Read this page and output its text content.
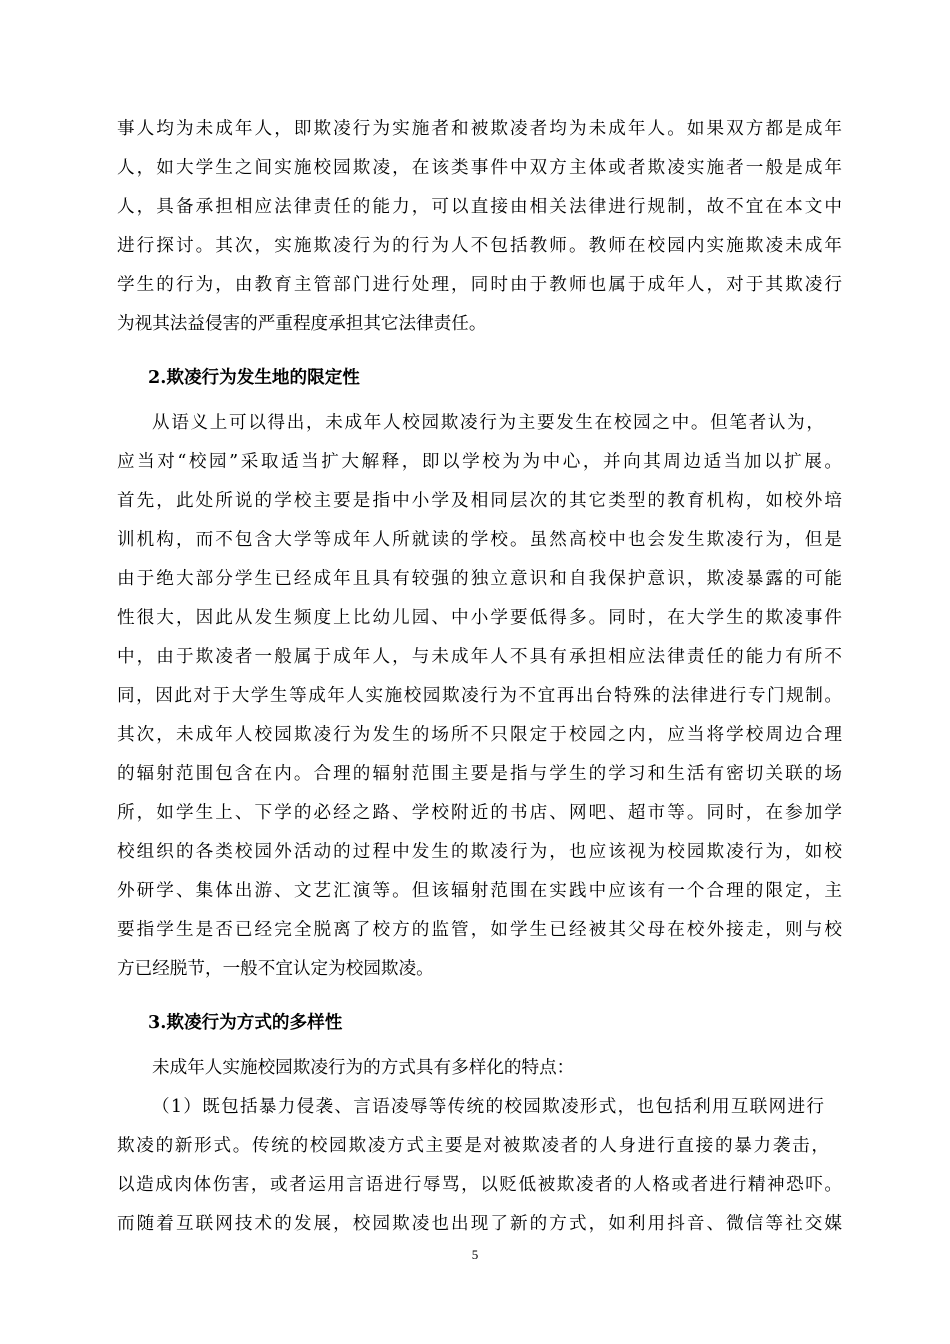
事人均为未成年人，即欺凌行为实施者和被欺凌者均为未成年人。如果双方都是成年
人，如大学生之间实施校园欺凌，在该类事件中双方主体或者欺凌实施者一般是成年
人，具备承担相应法律责任的能力，可以直接由相关法律进行规制，故不宜在本文中
进行探讨。其次，实施欺凌行为的行为人不包括教师。教师在校园内实施欺凌未成年
学生的行为，由教育主管部门进行处理，同时由于教师也属于成年人，对于其欺凌行
为视其法益侵害的严重程度承担其它法律责任。
2.欺凌行为发生地的限定性
从语义上可以得出，未成年人校园欺凌行为主要发生在校园之中。但笔者认为，
应当对“校园”采取适当扩大解释，即以学校为为中心，并向其周边适当加以扩展。
首先，此处所说的学校主要是指中小学及相同层次的其它类型的教育机构，如校外培
训机构，而不包含大学等成年人所就读的学校。虽然高校中也会发生欺凌行为，但是
由于绝大部分学生已经成年且具有较强的独立意识和自我保护意识，欺凌暴露的可能
性很大，因此从发生频度上比幼儿园、中小学要低得多。同时，在大学生的欺凌事件
中，由于欺凌者一般属于成年人，与未成年人不具有承担相应法律责任的能力有所不
同，因此对于大学生等成年人实施校园欺凌行为不宜再出台特殊的法律进行专门规制。
其次，未成年人校园欺凌行为发生的场所不只限定于校园之内，应当将学校周边合理
的辐射范围包含在内。合理的辐射范围主要是指与学生的学习和生活有密切关联的场
所，如学生上、下学的必经之路、学校附近的书店、网吧、超市等。同时，在参加学
校组织的各类校园外活动的过程中发生的欺凌行为，也应该视为校园欺凌行为，如校
外研学、集体出游、文艺汇演等。但该辐射范围在实践中应该有一个合理的限定，主
要指学生是否已经完全脱离了校方的监管，如学生已经被其父母在校外接走，则与校
方已经脱节，一般不宜认定为校园欺凌。
3.欺凌行为方式的多样性
未成年人实施校园欺凌行为的方式具有多样化的特点：
（1）既包括暴力侵袭、言语凌辱等传统的校园欺凌形式，也包括利用互联网进行
欺凌的新形式。传统的校园欺凌方式主要是对被欺凌者的人身进行直接的暴力袭击，
以造成肉体伤害，或者运用言语进行辱骂，以贬低被欺凌者的人格或者进行精神恐吓。
而随着互联网技术的发展，校园欺凌也出现了新的方式，如利用抖音、微信等社交媒
5
